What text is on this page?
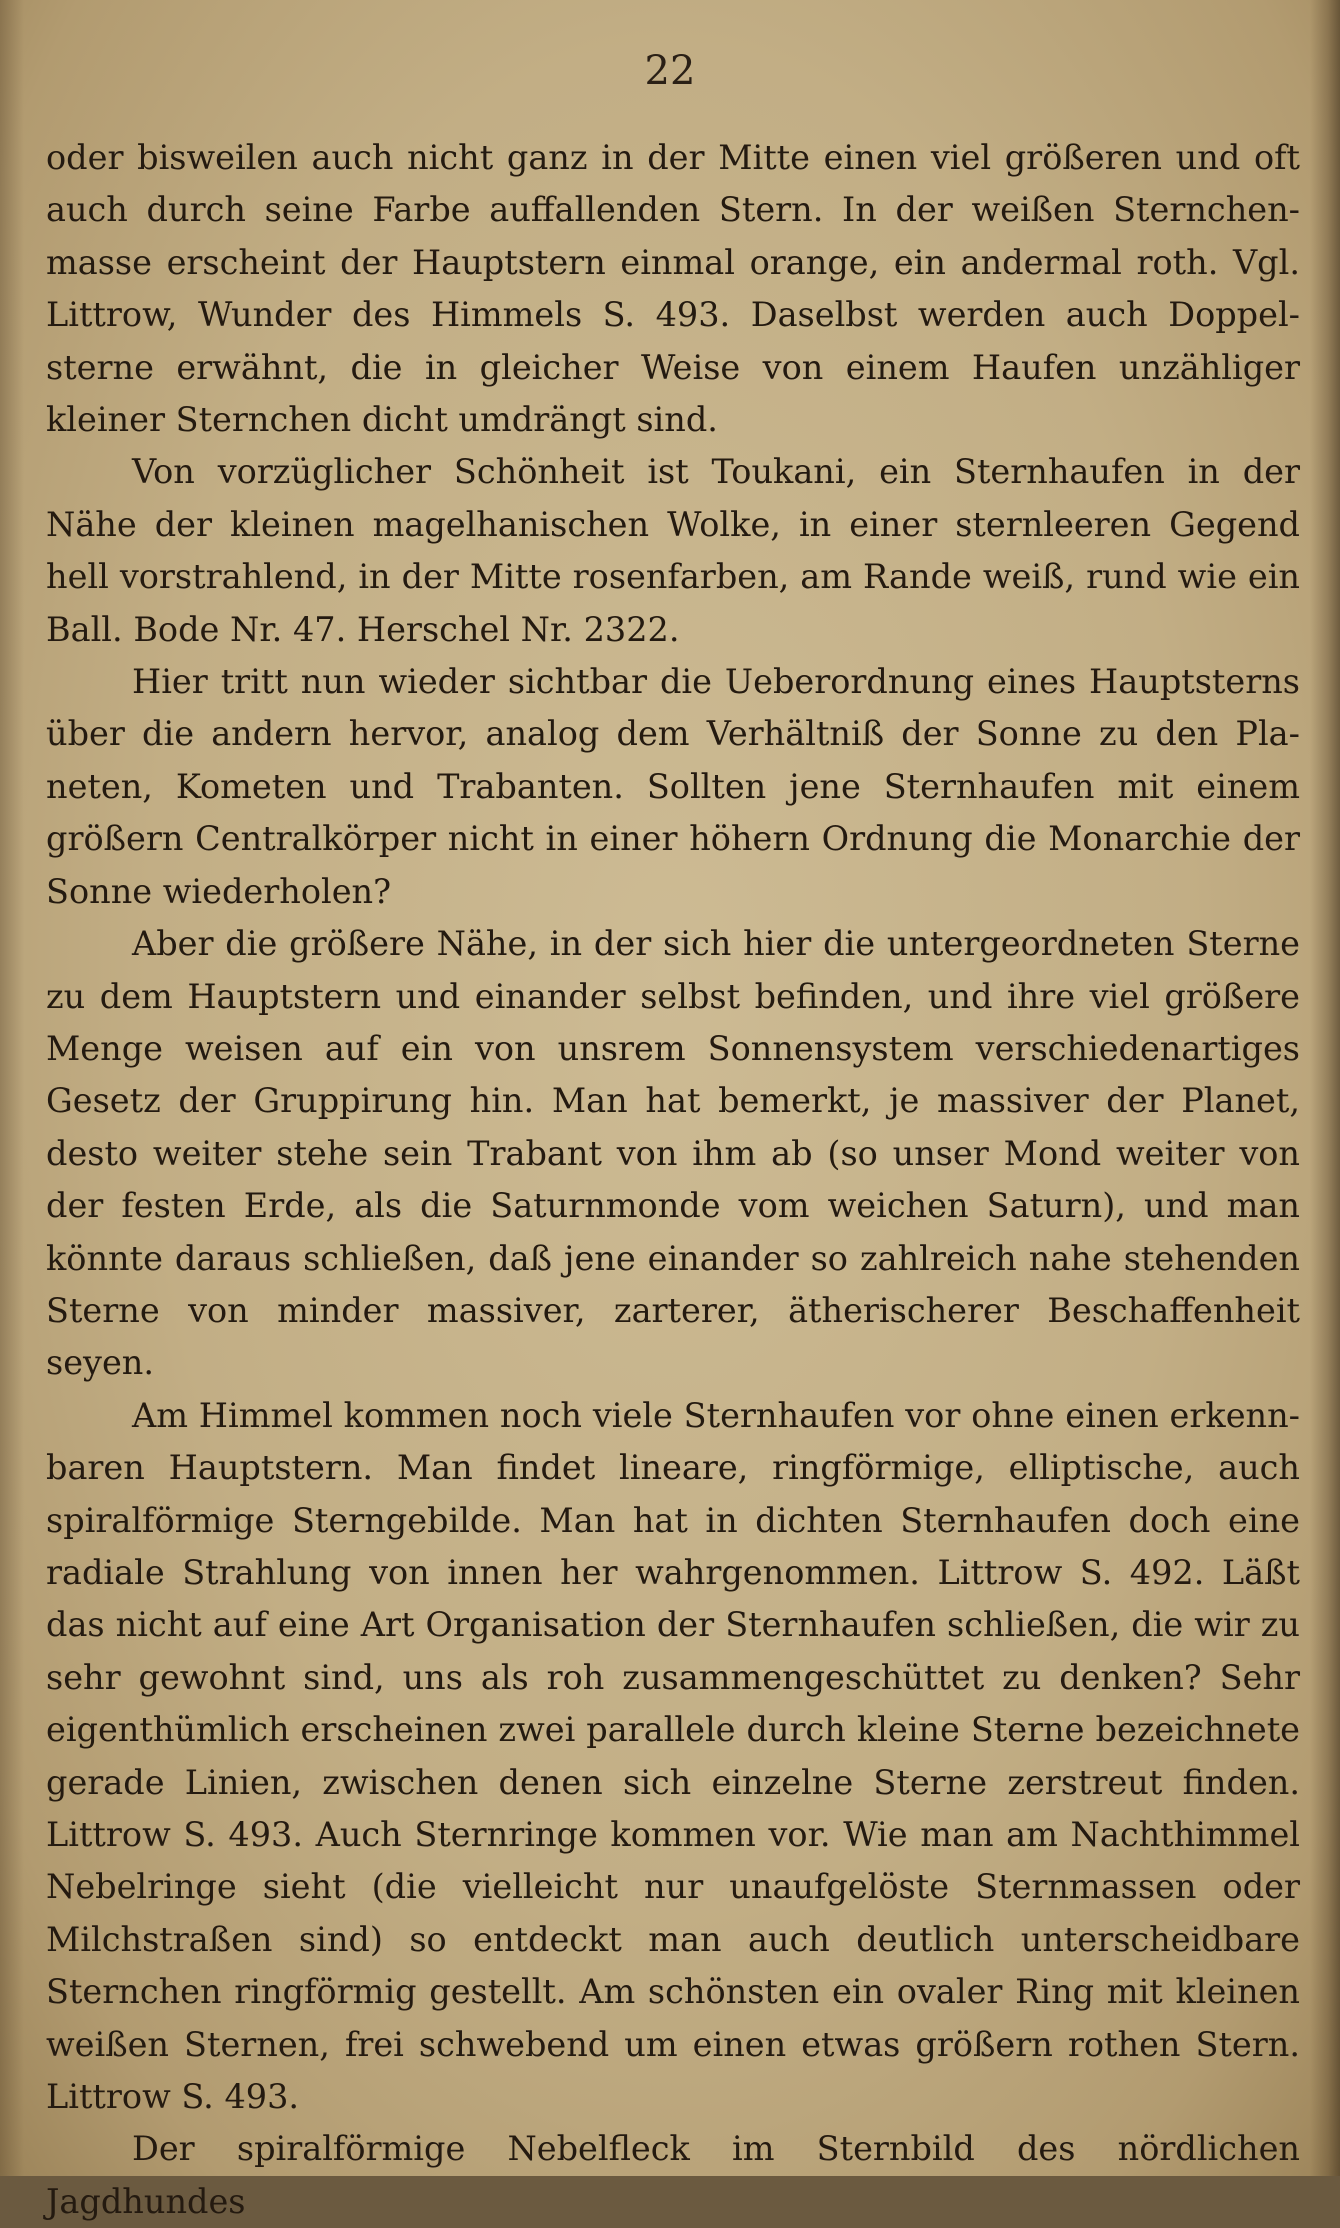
22

oder bisweilen auch nicht ganz in der Mitte einen viel größeren und oft auch durch seine Farbe auffallenden Stern. In der weißen Sternchenmasse erscheint der Hauptstern einmal orange, ein andermal roth. Vgl. Littrow, Wunder des Himmels S. 493. Daselbst werden auch Doppelsterne erwähnt, die in gleicher Weise von einem Haufen unzähliger kleiner Sternchen dicht umdrängt sind.

Von vorzüglicher Schönheit ist Toukani, ein Sternhaufen in der Nähe der kleinen magelhanischen Wolke, in einer sternleeren Gegend hell vorstrahlend, in der Mitte rosenfarben, am Rande weiß, rund wie ein Ball. Bode Nr. 47. Herschel Nr. 2322.

Hier tritt nun wieder sichtbar die Ueberordnung eines Hauptsterns über die andern hervor, analog dem Verhältniß der Sonne zu den Planeten, Kometen und Trabanten. Sollten jene Sternhaufen mit einem größern Centralkörper nicht in einer höhern Ordnung die Monarchie der Sonne wiederholen?

Aber die größere Nähe, in der sich hier die untergeordneten Sterne zu dem Hauptstern und einander selbst befinden, und ihre viel größere Menge weisen auf ein von unsrem Sonnensystem verschiedenartiges Gesetz der Gruppirung hin. Man hat bemerkt, je massiver der Planet, desto weiter stehe sein Trabant von ihm ab (so unser Mond weiter von der festen Erde, als die Saturnmonde vom weichen Saturn), und man könnte daraus schließen, daß jene einander so zahlreich nahe stehenden Sterne von minder massiver, zarterer, ätherischerer Beschaffenheit seyen.

Am Himmel kommen noch viele Sternhaufen vor ohne einen erkennbaren Hauptstern. Man findet lineare, ringförmige, elliptische, auch spiralförmige Sterngebilde. Man hat in dichten Sternhaufen doch eine radiale Strahlung von innen her wahrgenommen. Littrow S. 492. Läßt das nicht auf eine Art Organisation der Sternhaufen schließen, die wir zu sehr gewohnt sind, uns als roh zusammengeschüttet zu denken? Sehr eigenthümlich erscheinen zwei parallele durch kleine Sterne bezeichnete gerade Linien, zwischen denen sich einzelne Sterne zerstreut finden. Littrow S. 493. Auch Sternringe kommen vor. Wie man am Nachthimmel Nebelringe sieht (die vielleicht nur unaufgelöste Sternmassen oder Milchstraßen sind) so entdeckt man auch deutlich unterscheidbare Sternchen ringförmig gestellt. Am schönsten ein ovaler Ring mit kleinen weißen Sternen, frei schwebend um einen etwas größern rothen Stern. Littrow S. 493.

Der spiralförmige Nebelfleck im Sternbild des nördlichen Jagdhundes
